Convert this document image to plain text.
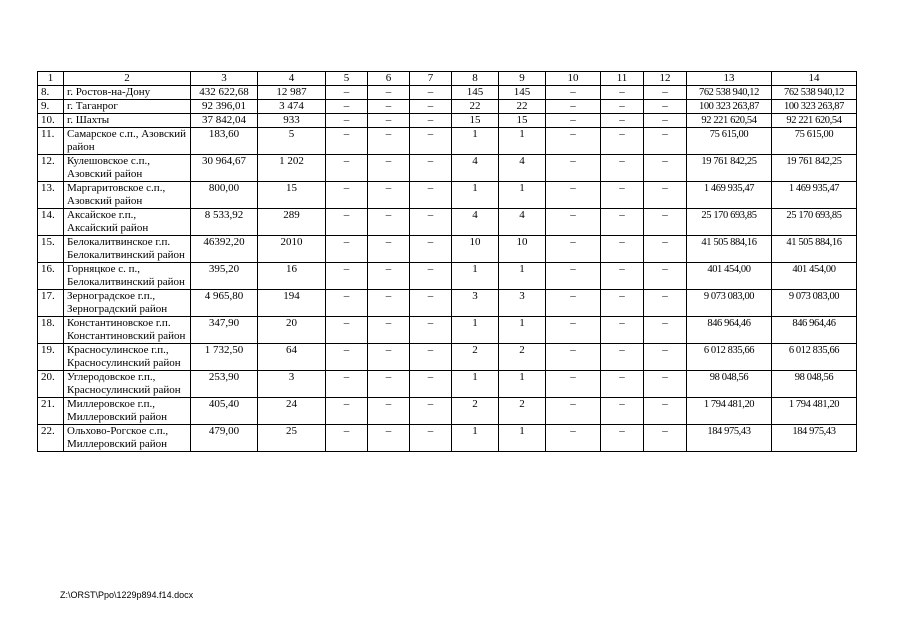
1	2	3	4	5	6	7	8	9	10	11	12	13	14
8.	г. Ростов-на-Дону	432 622,68	12 987	–	–	–	145	145	–	–	–	762 538 940,12	762 538 940,12
9.	г. Таганрог	92 396,01	3 474	–	–	–	22	22	–	–	–	100 323 263,87	100 323 263,87
10.	г. Шахты	37 842,04	933	–	–	–	15	15	–	–	–	92 221 620,54	92 221 620,54
11.	Самарское с.п., Азовский район	183,60	5	–	–	–	1	1	–	–	–	75 615,00	75 615,00
12.	Кулешовское с.п., Азовский район	30 964,67	1 202	–	–	–	4	4	–	–	–	19 761 842,25	19 761 842,25
13.	Маргаритовское с.п., Азовский район	800,00	15	–	–	–	1	1	–	–	–	1 469 935,47	1 469 935,47
14.	Аксайское г.п., Аксайский район	8 533,92	289	–	–	–	4	4	–	–	–	25 170 693,85	25 170 693,85
15.	Белокалитвинское г.п. Белокалитвинский район	46392,20	2010	–	–	–	10	10	–	–	–	41 505 884,16	41 505 884,16
16.	Горняцкое с. п., Белокалитвинский район	395,20	16	–	–	–	1	1	–	–	–	401 454,00	401 454,00
17.	Зерноградское г.п., Зерноградский район	4 965,80	194	–	–	–	3	3	–	–	–	9 073 083,00	9 073 083,00
18.	Константиновское г.п. Константиновский район	347,90	20	–	–	–	1	1	–	–	–	846 964,46	846 964,46
19.	Красносулинское г.п., Красносулинский район	1 732,50	64	–	–	–	2	2	–	–	–	6 012 835,66	6 012 835,66
20.	Углеродовское г.п., Красносулинский район	253,90	3	–	–	–	1	1	–	–	–	98 048,56	98 048,56
21.	Миллеровское г.п., Миллеровский район	405,40	24	–	–	–	2	2	–	–	–	1 794 481,20	1 794 481,20
22.	Ольхово-Рогское с.п., Миллеровский район	479,00	25	–	–	–	1	1	–	–	–	184 975,43	184 975,43
Z:\ORST\Ppo\1229p894.f14.docx
